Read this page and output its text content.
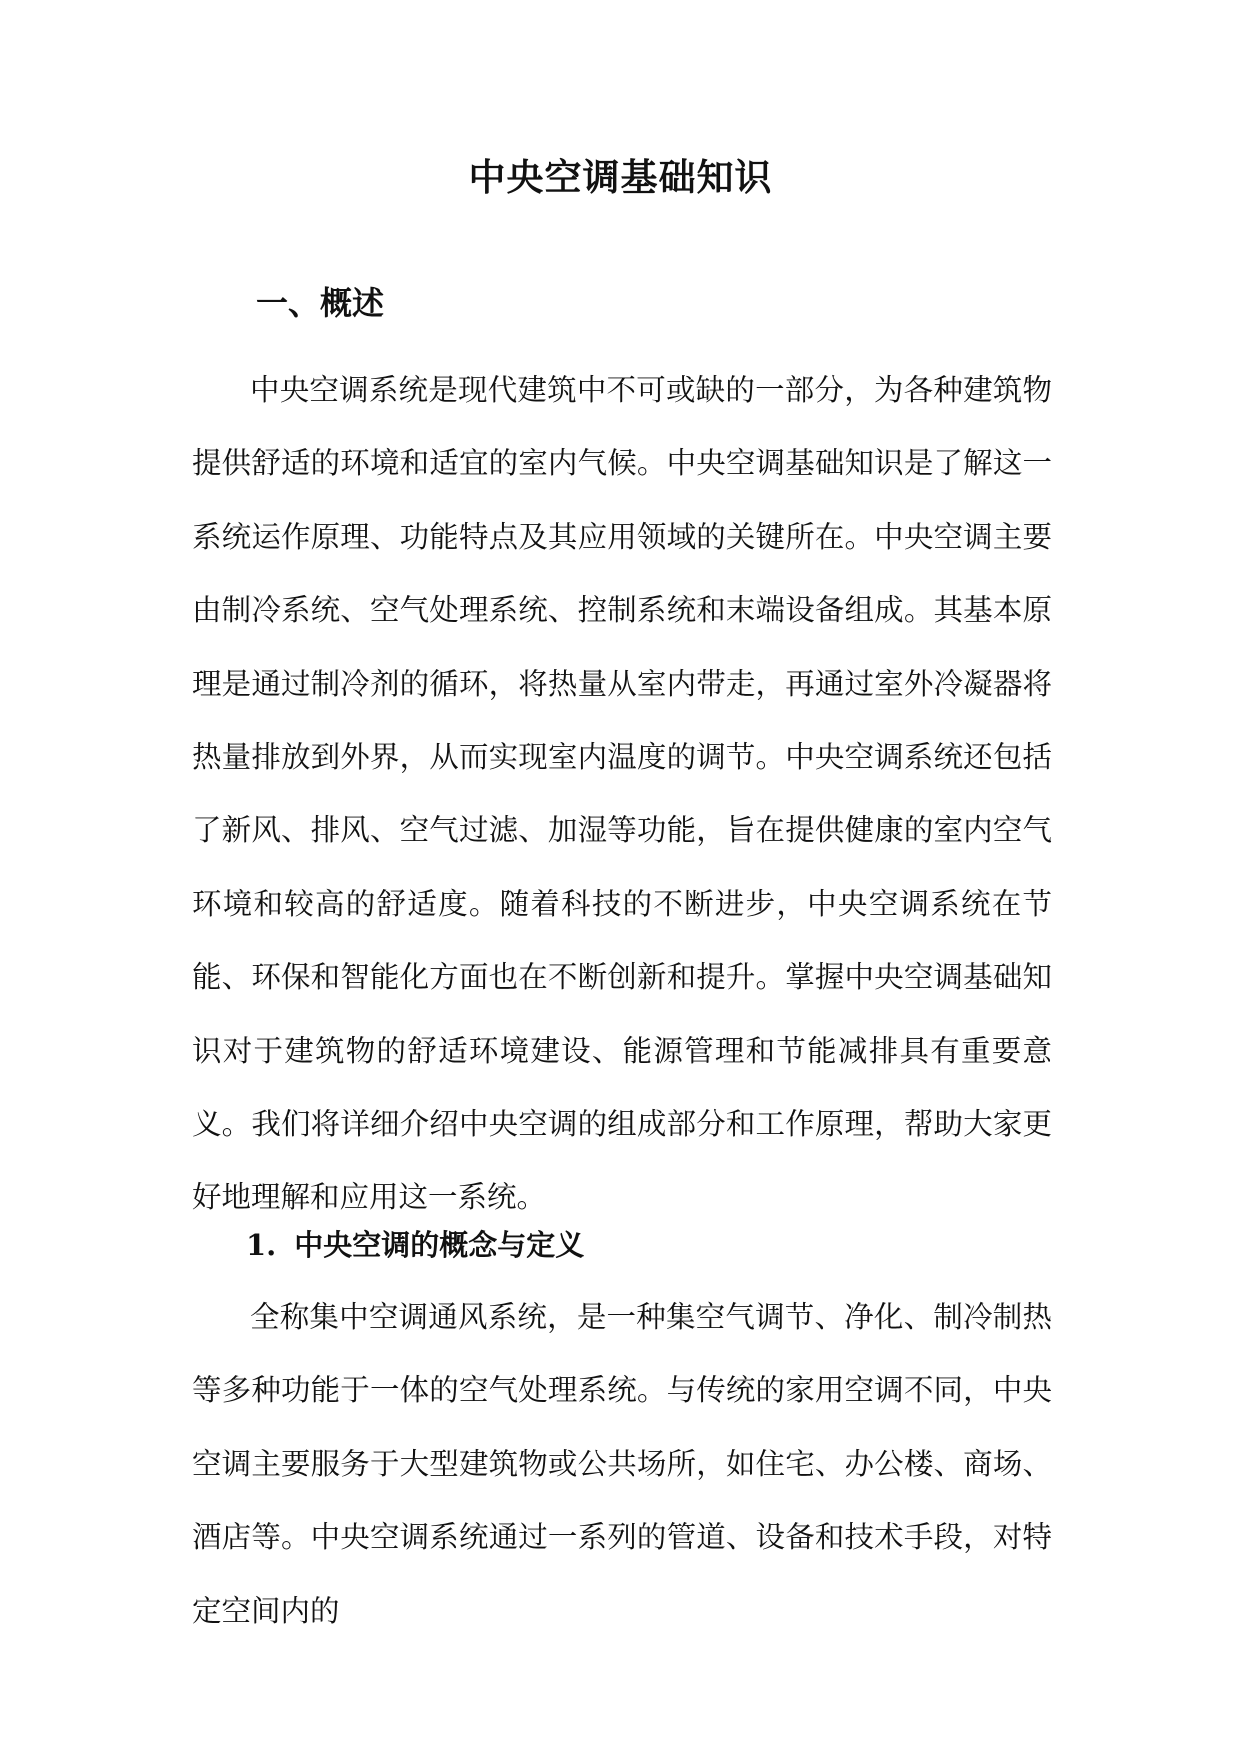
中央空调基础知识
一、概述

中央空调系统是现代建筑中不可或缺的一部分，为各种建筑物提供舒适的环境和适宜的室内气候。中央空调基础知识是了解这一系统运作原理、功能特点及其应用领域的关键所在。中央空调主要由制冷系统、空气处理系统、控制系统和末端设备组成。其基本原理是通过制冷剂的循环，将热量从室内带走，再通过室外冷凝器将热量排放到外界，从而实现室内温度的调节。中央空调系统还包括了新风、排风、空气过滤、加湿等功能，旨在提供健康的室内空气环境和较高的舒适度。随着科技的不断进步，中央空调系统在节能、环保和智能化方面也在不断创新和提升。掌握中央空调基础知识对于建筑物的舒适环境建设、能源管理和节能减排具有重要意义。我们将详细介绍中央空调的组成部分和工作原理，帮助大家更好地理解和应用这一系统。

1. 中央空调的概念与定义

全称集中空调通风系统，是一种集空气调节、净化、制冷制热等多种功能于一体的空气处理系统。与传统的家用空调不同，中央空调主要服务于大型建筑物或公共场所，如住宅、办公楼、商场、酒店等。中央空调系统通过一系列的管道、设备和技术手段，对特定空间内的
